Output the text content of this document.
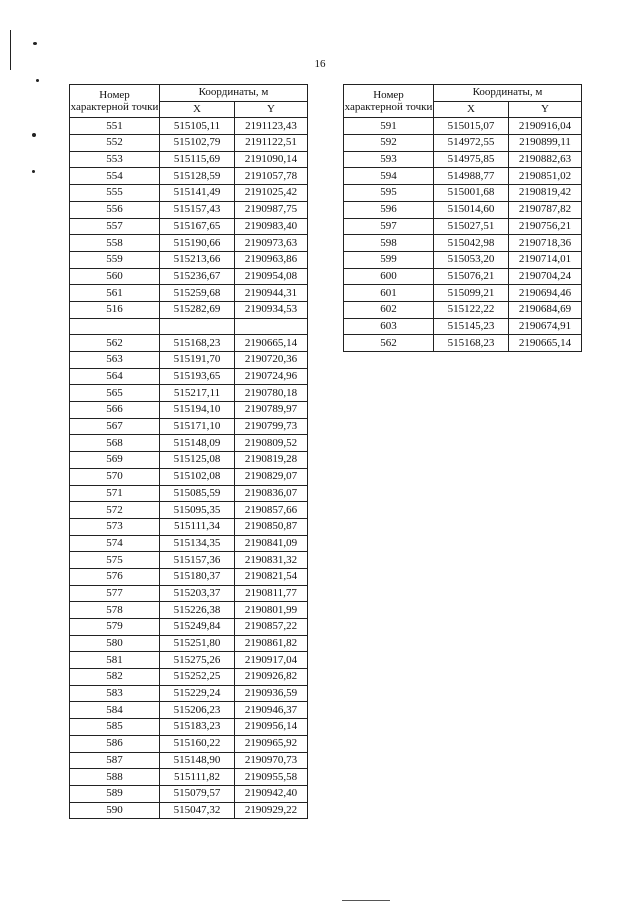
16
Номер характерной точки	Координаты, м	
	X	Y
551	515105,11	2191123,43
552	515102,79	2191122,51
553	515115,69	2191090,14
554	515128,59	2191057,78
555	515141,49	2191025,42
556	515157,43	2190987,75
557	515167,65	2190983,40
558	515190,66	2190973,63
559	515213,66	2190963,86
560	515236,67	2190954,08
561	515259,68	2190944,31
516	515282,69	2190934,53

562	515168,23	2190665,14
563	515191,70	2190720,36
564	515193,65	2190724,96
565	515217,11	2190780,18
566	515194,10	2190789,97
567	515171,10	2190799,73
568	515148,09	2190809,52
569	515125,08	2190819,28
570	515102,08	2190829,07
571	515085,59	2190836,07
572	515095,35	2190857,66
573	515111,34	2190850,87
574	515134,35	2190841,09
575	515157,36	2190831,32
576	515180,37	2190821,54
577	515203,37	2190811,77
578	515226,38	2190801,99
579	515249,84	2190857,22
580	515251,80	2190861,82
581	515275,26	2190917,04
582	515252,25	2190926,82
583	515229,24	2190936,59
584	515206,23	2190946,37
585	515183,23	2190956,14
586	515160,22	2190965,92
587	515148,90	2190970,73
588	515111,82	2190955,58
589	515079,57	2190942,40
590	515047,32	2190929,22
Номер характерной точки	Координаты, м	
	X	Y
591	515015,07	2190916,04
592	514972,55	2190899,11
593	514975,85	2190882,63
594	514988,77	2190851,02
595	515001,68	2190819,42
596	515014,60	2190787,82
597	515027,51	2190756,21
598	515042,98	2190718,36
599	515053,20	2190714,01
600	515076,21	2190704,24
601	515099,21	2190694,46
602	515122,22	2190684,69
603	515145,23	2190674,91
562	515168,23	2190665,14
